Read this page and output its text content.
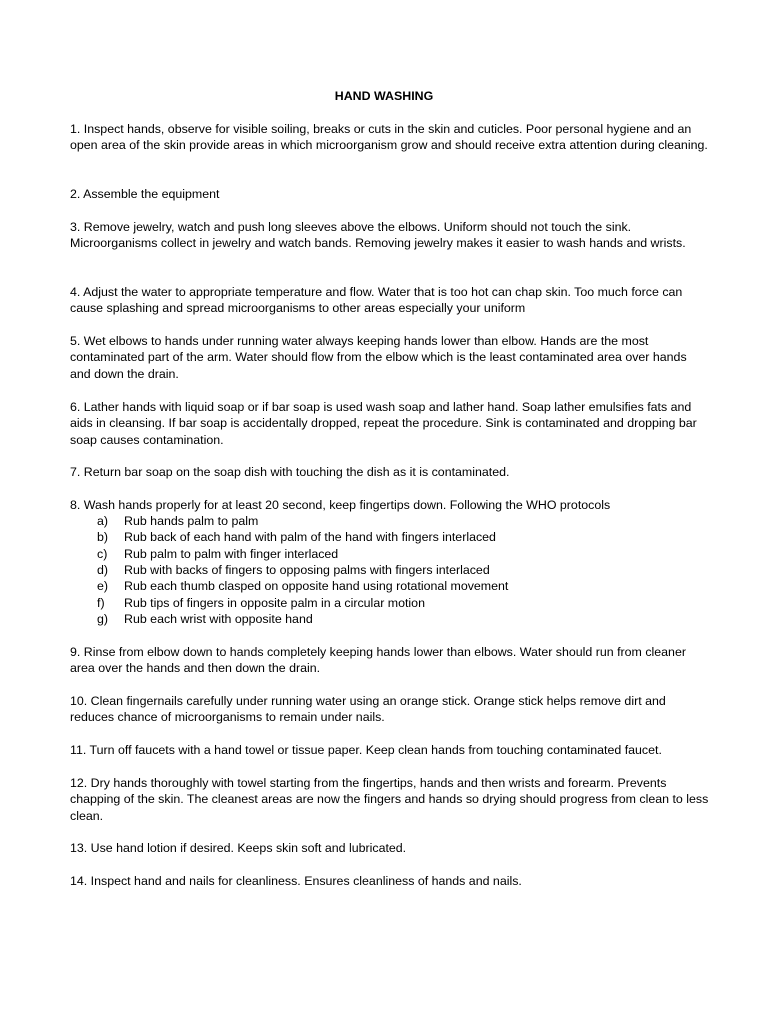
HAND WASHING

1. Inspect hands, observe for visible soiling, breaks or cuts in the skin and cuticles. Poor personal hygiene and an open area of the skin provide areas in which microorganism grow and should receive extra attention during cleaning.

2. Assemble the equipment

3. Remove jewelry, watch and push long sleeves above the elbows. Uniform should not touch the sink. Microorganisms collect in jewelry and watch bands. Removing jewelry makes it easier to wash hands and wrists.

4. Adjust the water to appropriate temperature and flow. Water that is too hot can chap skin. Too much force can cause splashing and spread microorganisms to other areas especially your uniform

5. Wet elbows to hands under running water always keeping hands lower than elbow. Hands are the most contaminated part of the arm. Water should flow from the elbow which is the least contaminated area over hands and down the drain.

6. Lather hands with liquid soap or if bar soap is used wash soap and lather hand. Soap lather emulsifies fats and aids in cleansing. If bar soap is accidentally dropped, repeat the procedure. Sink is contaminated and dropping bar soap causes contamination.

7. Return bar soap on the soap dish with touching the dish as it is contaminated.

8. Wash hands properly for at least 20 second, keep fingertips down. Following the WHO protocols

a) Rub hands palm to palm
b) Rub back of each hand with palm of the hand with fingers interlaced
c) Rub palm to palm with finger interlaced
d) Rub with backs of fingers to opposing palms with fingers interlaced
e) Rub each thumb clasped on opposite hand using rotational movement
f) Rub tips of fingers in opposite palm in a circular motion
g) Rub each wrist with opposite hand

9. Rinse from elbow down to hands completely keeping hands lower than elbows. Water should run from cleaner area over the hands and then down the drain.

10. Clean fingernails carefully under running water using an orange stick. Orange stick helps remove dirt and reduces chance of microorganisms to remain under nails.

11. Turn off faucets with a hand towel or tissue paper. Keep clean hands from touching contaminated faucet.

12. Dry hands thoroughly with towel starting from the fingertips, hands and then wrists and forearm. Prevents chapping of the skin. The cleanest areas are now the fingers and hands so drying should progress from clean to less clean.

13. Use hand lotion if desired. Keeps skin soft and lubricated.

14. Inspect hand and nails for cleanliness. Ensures cleanliness of hands and nails.
